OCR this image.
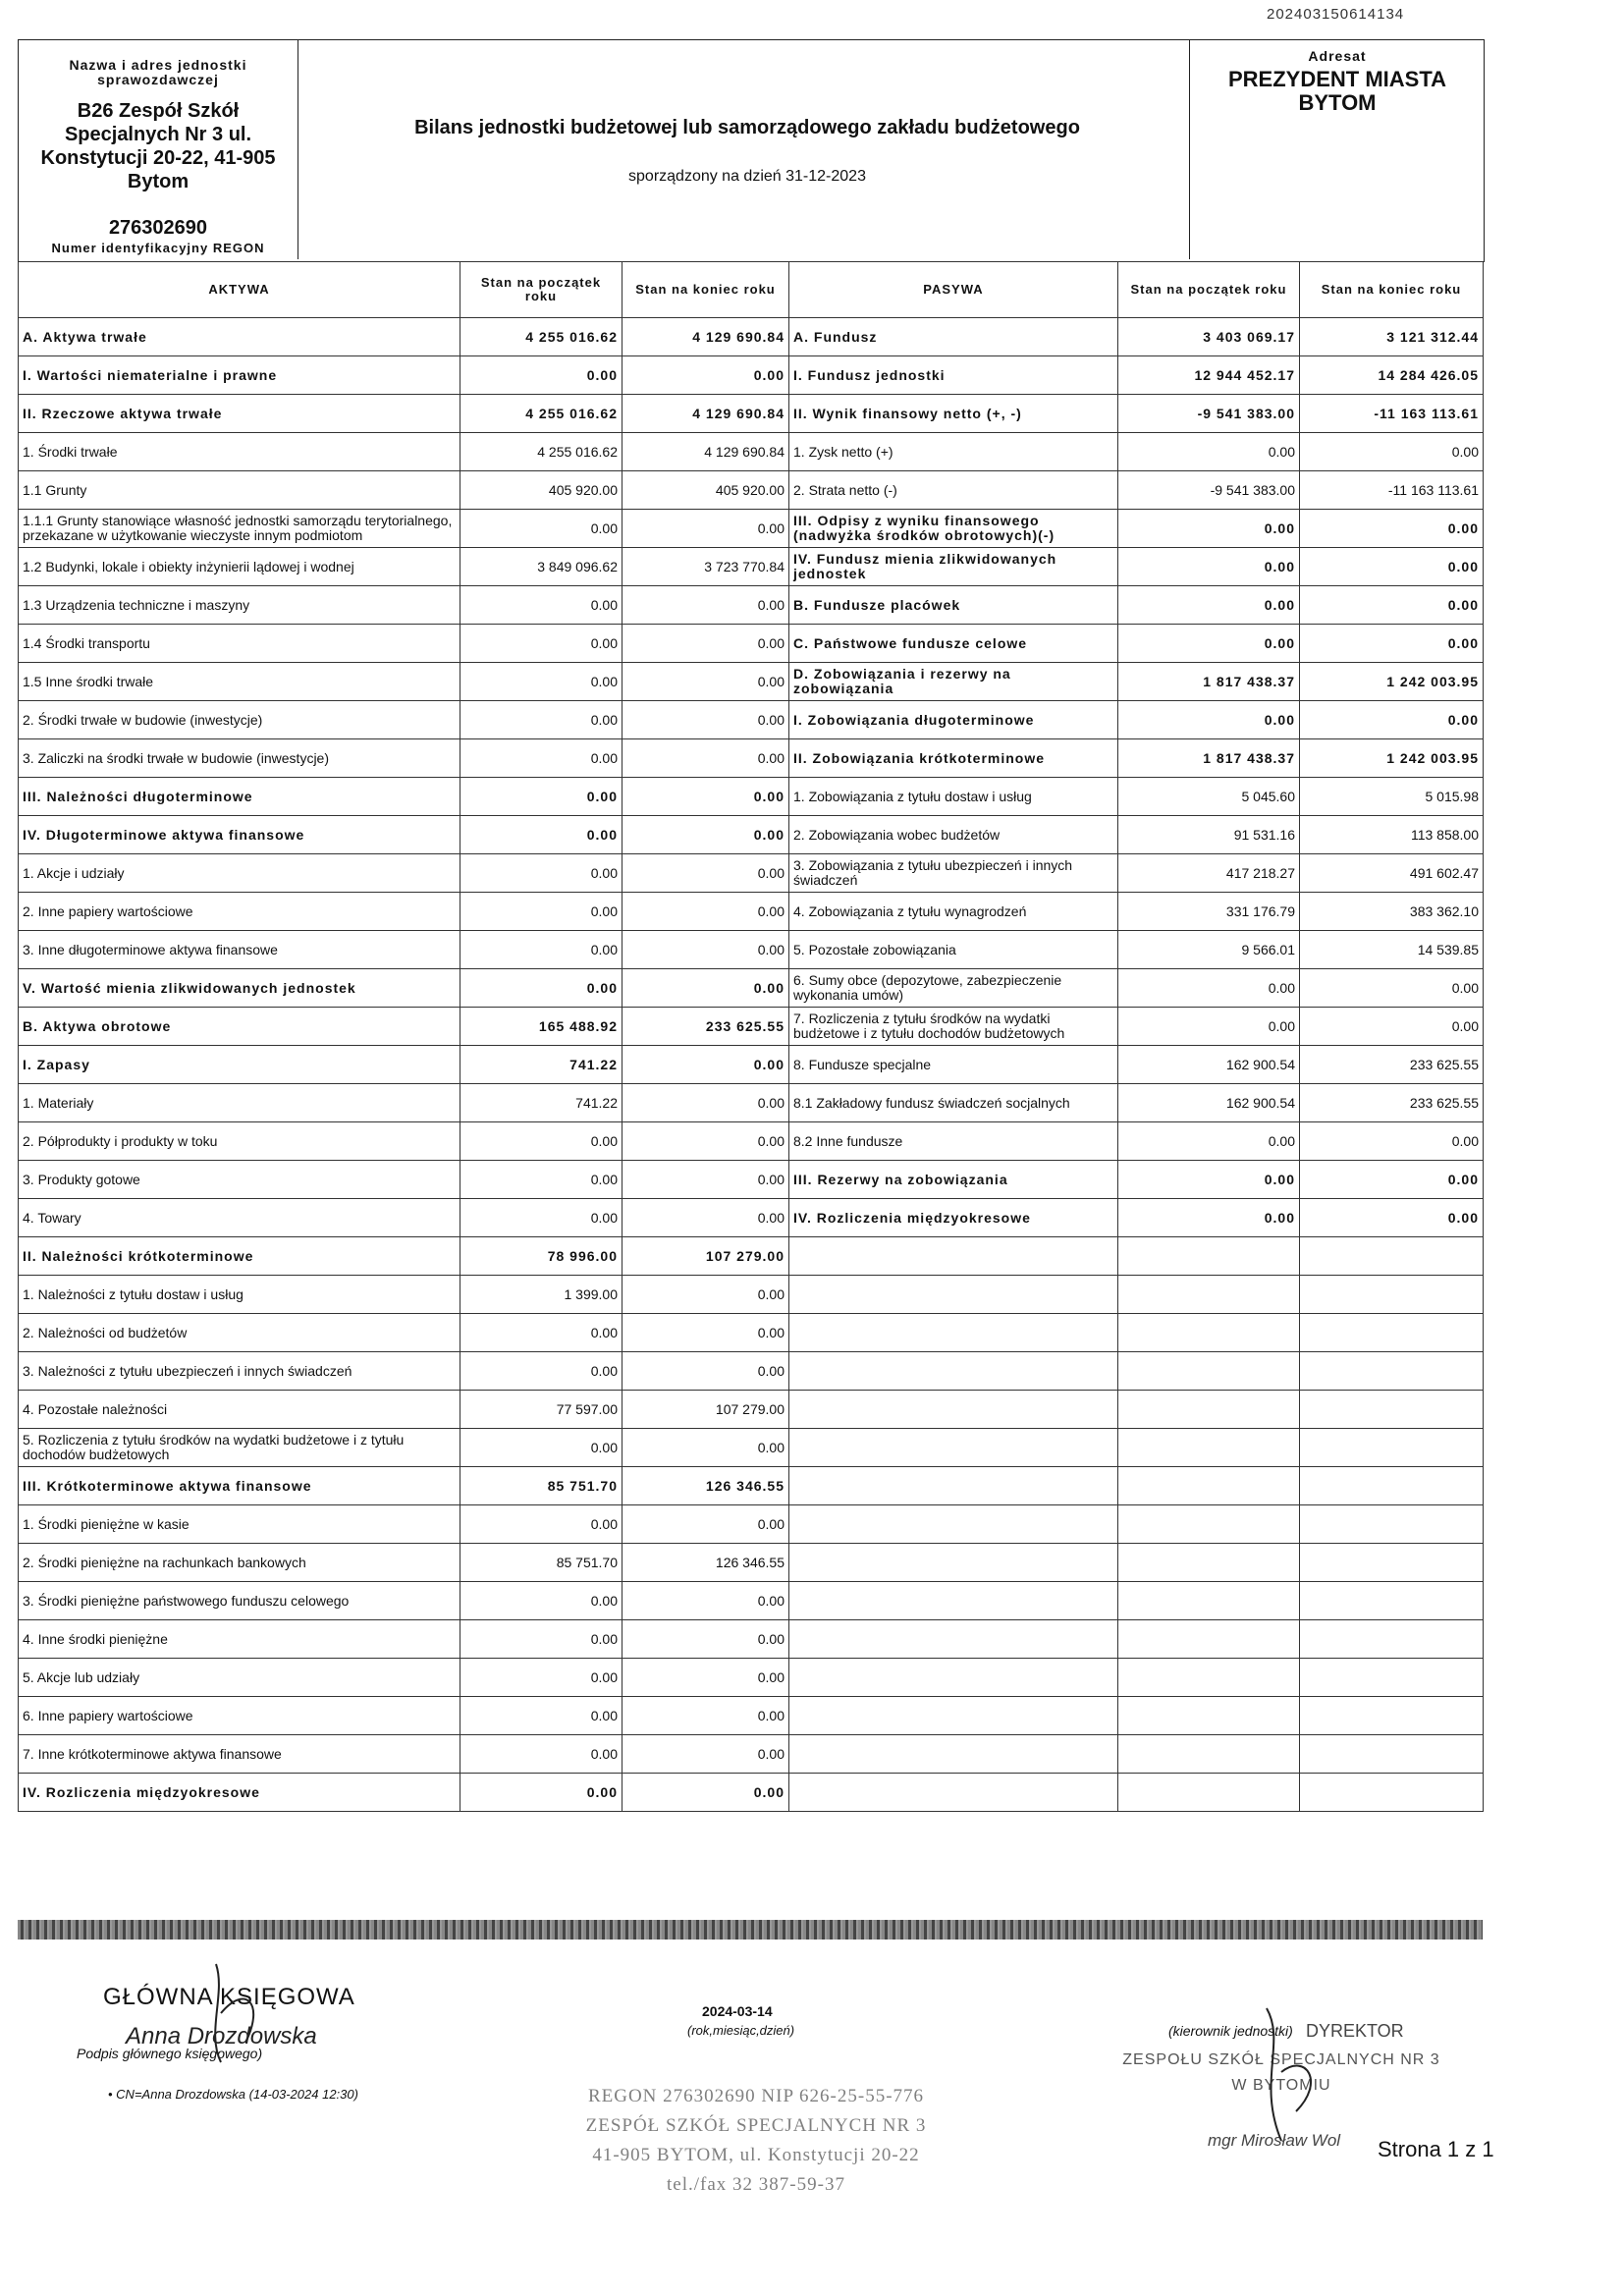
202403150614134
Nazwa i adres jednostki sprawozdawczej
B26 Zespół Szkół Specjalnych Nr 3 ul. Konstytucji 20-22, 41-905 Bytom
276302690
Numer identyfikacyjny REGON
Bilans jednostki budżetowej lub samorządowego zakładu budżetowego
sporządzony na dzień 31-12-2023
Adresat
PREZYDENT MIASTA BYTOM
AKTYWA	Stan na początek roku	Stan na koniec roku	PASYWA	Stan na początek roku	Stan na koniec roku
A. Aktywa trwałe	4 255 016.62	4 129 690.84	A. Fundusz	3 403 069.17	3 121 312.44
I. Wartości niematerialne i prawne	0.00	0.00	I. Fundusz jednostki	12 944 452.17	14 284 426.05
II. Rzeczowe aktywa trwałe	4 255 016.62	4 129 690.84	II. Wynik finansowy netto (+, -)	-9 541 383.00	-11 163 113.61
1. Środki trwałe	4 255 016.62	4 129 690.84	1. Zysk netto (+)	0.00	0.00
1.1 Grunty	405 920.00	405 920.00	2. Strata netto (-)	-9 541 383.00	-11 163 113.61
1.1.1 Grunty stanowiące własność jednostki samorządu terytorialnego, przekazane w użytkowanie wieczyste innym podmiotom	0.00	0.00	III. Odpisy z wyniku finansowego (nadwyżka środków obrotowych)(-)	0.00	0.00
1.2 Budynki, lokale i obiekty inżynierii lądowej i wodnej	3 849 096.62	3 723 770.84	IV. Fundusz mienia zlikwidowanych jednostek	0.00	0.00
1.3 Urządzenia techniczne i maszyny	0.00	0.00	B. Fundusze placówek	0.00	0.00
1.4 Środki transportu	0.00	0.00	C. Państwowe fundusze celowe	0.00	0.00
1.5 Inne środki trwałe	0.00	0.00	D. Zobowiązania i rezerwy na zobowiązania	1 817 438.37	1 242 003.95
2. Środki trwałe w budowie (inwestycje)	0.00	0.00	I. Zobowiązania długoterminowe	0.00	0.00
3. Zaliczki na środki trwałe w budowie (inwestycje)	0.00	0.00	II. Zobowiązania krótkoterminowe	1 817 438.37	1 242 003.95
III. Należności długoterminowe	0.00	0.00	1. Zobowiązania z tytułu dostaw i usług	5 045.60	5 015.98
IV. Długoterminowe aktywa finansowe	0.00	0.00	2. Zobowiązania wobec budżetów	91 531.16	113 858.00
1. Akcje i udziały	0.00	0.00	3. Zobowiązania z tytułu ubezpieczeń i innych świadczeń	417 218.27	491 602.47
2. Inne papiery wartościowe	0.00	0.00	4. Zobowiązania z tytułu wynagrodzeń	331 176.79	383 362.10
3. Inne długoterminowe aktywa finansowe	0.00	0.00	5. Pozostałe zobowiązania	9 566.01	14 539.85
V. Wartość mienia zlikwidowanych jednostek	0.00	0.00	6. Sumy obce (depozytowe, zabezpieczenie wykonania umów)	0.00	0.00
B. Aktywa obrotowe	165 488.92	233 625.55	7. Rozliczenia z tytułu środków na wydatki budżetowe i z tytułu dochodów budżetowych	0.00	0.00
I. Zapasy	741.22	0.00	8. Fundusze specjalne	162 900.54	233 625.55
1. Materiały	741.22	0.00	8.1 Zakładowy fundusz świadczeń socjalnych	162 900.54	233 625.55
2. Półprodukty i produkty w toku	0.00	0.00	8.2 Inne fundusze	0.00	0.00
3. Produkty gotowe	0.00	0.00	III. Rezerwy na zobowiązania	0.00	0.00
4. Towary	0.00	0.00	IV. Rozliczenia międzyokresowe	0.00	0.00
II. Należności krótkoterminowe	78 996.00	107 279.00			
1. Należności z tytułu dostaw i usług	1 399.00	0.00			
2. Należności od budżetów	0.00	0.00			
3. Należności z tytułu ubezpieczeń i innych świadczeń	0.00	0.00			
4. Pozostałe należności	77 597.00	107 279.00			
5. Rozliczenia z tytułu środków na wydatki budżetowe i z tytułu dochodów budżetowych	0.00	0.00			
III. Krótkoterminowe aktywa finansowe	85 751.70	126 346.55			
1. Środki pieniężne w kasie	0.00	0.00			
2. Środki pieniężne na rachunkach bankowych	85 751.70	126 346.55			
3. Środki pieniężne państwowego funduszu celowego	0.00	0.00			
4. Inne środki pieniężne	0.00	0.00			
5. Akcje lub udziały	0.00	0.00			
6. Inne papiery wartościowe	0.00	0.00			
7. Inne krótkoterminowe aktywa finansowe	0.00	0.00			
IV. Rozliczenia międzyokresowe	0.00	0.00			
GŁÓWNA KSIĘGOWA
Anna Drozdowska
Podpis głównego księgowego)
• CN=Anna Drozdowska (14-03-2024 12:30)
2024-03-14
(rok,miesiąc,dzień)
REGON 276302690 NIP 626-25-55-776
ZESPÓŁ SZKÓŁ SPECJALNYCH NR 3
41-905 BYTOM, ul. Konstytucji 20-22
tel./fax 32 387-59-37
(kierownik jednostki) DYREKTOR
ZESPOŁU SZKÓŁ SPECJALNYCH NR 3 W BYTOMIU
mgr Mirosław Wol Strona 1 z 1
